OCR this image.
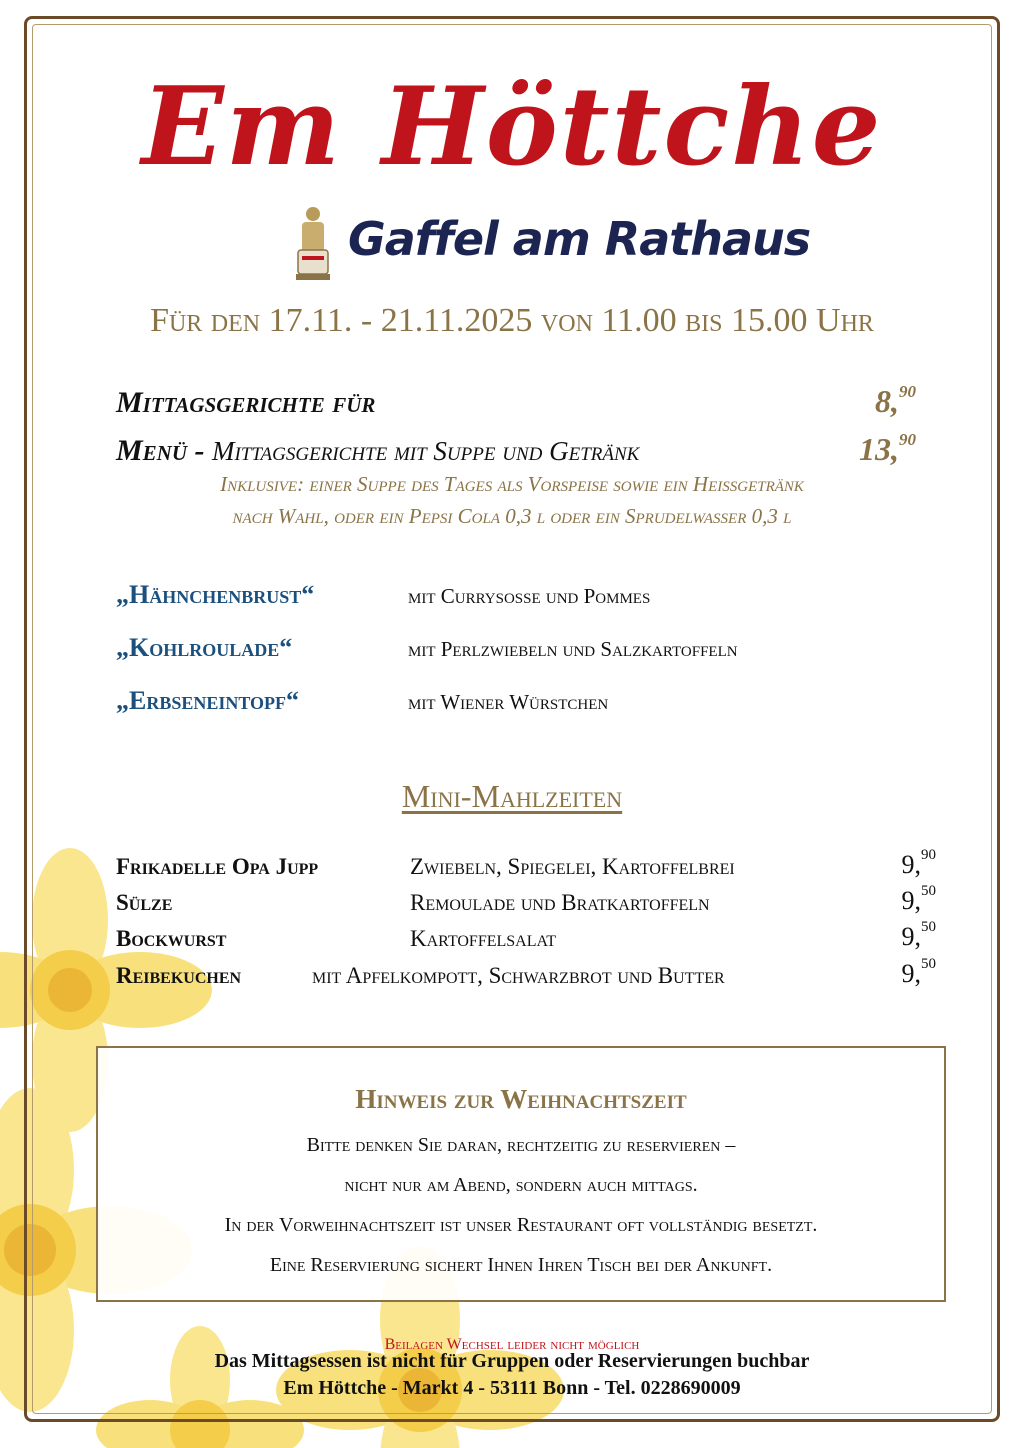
Em Höttche
Gaffel am Rathaus
Für den 17.11. - 21.11.2025 von 11.00 bis 15.00 Uhr
Mittagsgerichte für	8,90
Menü - Mittagsgerichte mit Suppe und Getränk	13,90
Inklusive: einer Suppe des Tages als Vorspeise sowie ein Heißgetränk
nach Wahl, oder ein Pepsi Cola 0,3 l oder ein Sprudelwasser 0,3 l
„Hähnchenbrust“	mit Currysoße und Pommes
„Kohlroulade“	mit Perlzwiebeln und Salzkartoffeln
„Erbseneintopf“	mit Wiener Würstchen
Mini-Mahlzeiten
Frikadelle Opa Jupp	Zwiebeln, Spiegelei, Kartoffelbrei	9,90
Sülze	Remoulade und Bratkartoffeln	9,50
Bockwurst	Kartoffelsalat	9,50
Reibekuchen	mit Apfelkompott, Schwarzbrot und Butter	9,50
Hinweis zur Weihnachtszeit
Bitte denken Sie daran, rechtzeitig zu reservieren –
nicht nur am Abend, sondern auch mittags.
In der Vorweihnachtszeit ist unser Restaurant oft vollständig besetzt.
Eine Reservierung sichert Ihnen Ihren Tisch bei der Ankunft.
Beilagen Wechsel leider nicht möglich
Das Mittagsessen ist nicht für Gruppen oder Reservierungen buchbar
Em Höttche - Markt 4 - 53111 Bonn - Tel. 0228690009
